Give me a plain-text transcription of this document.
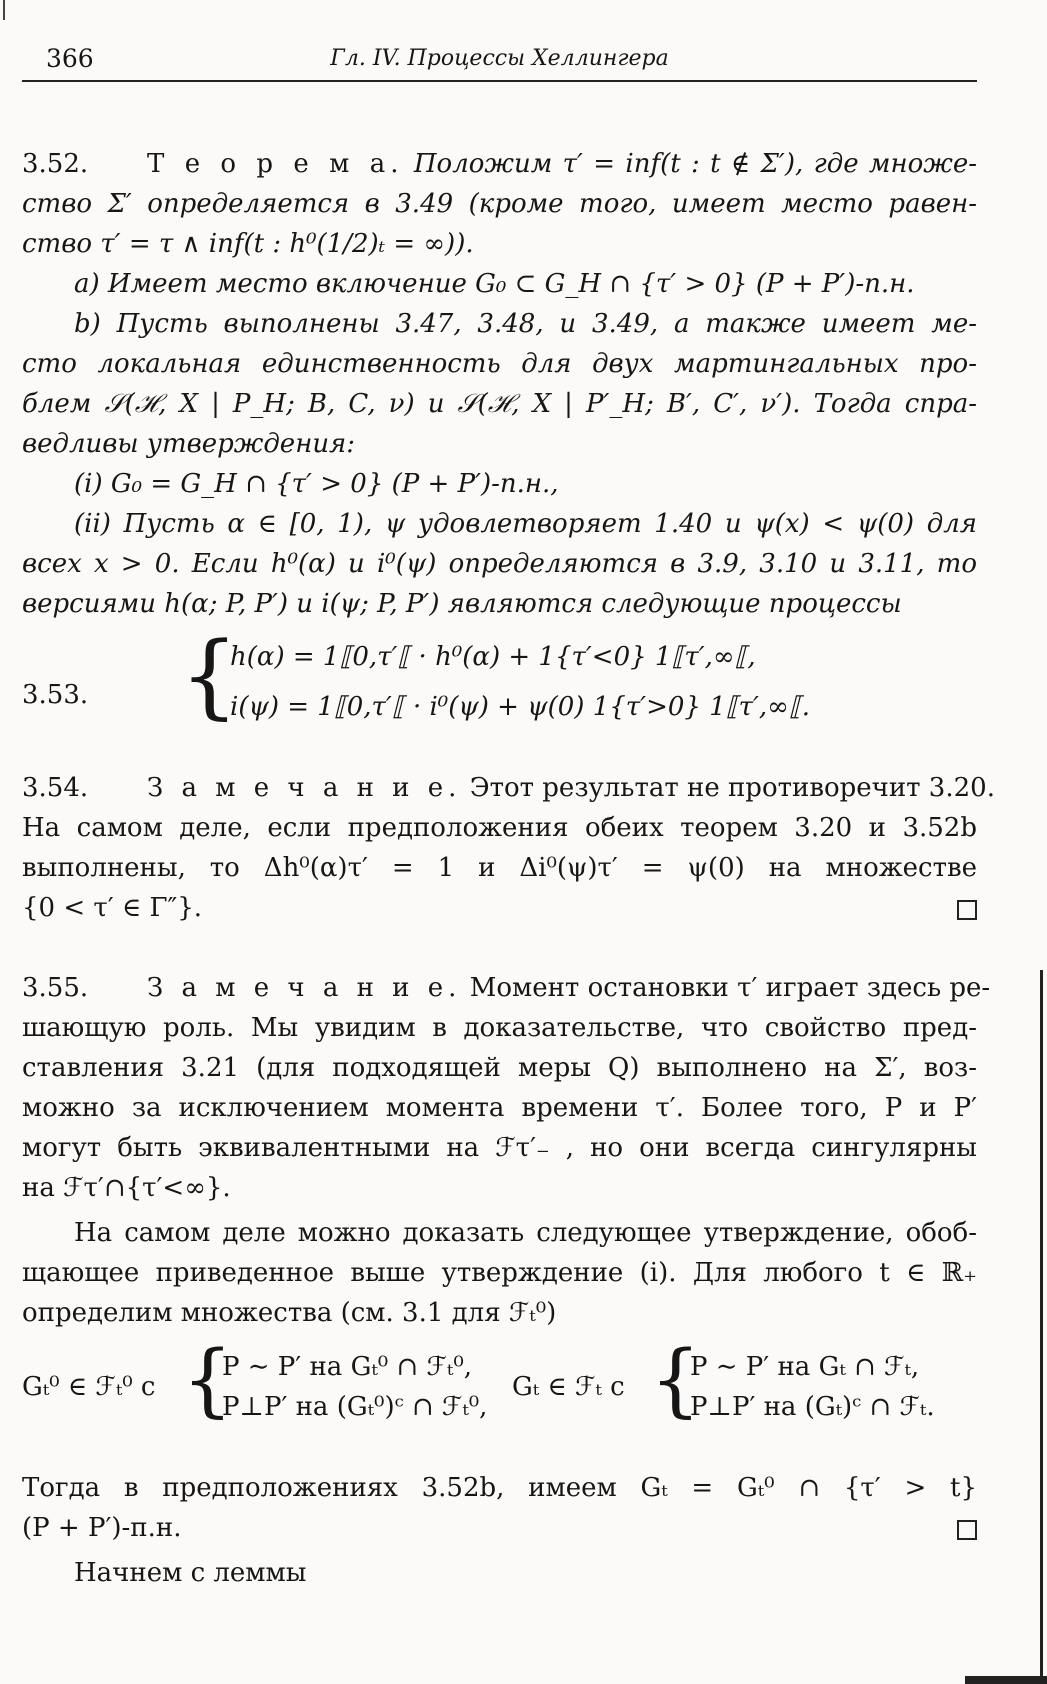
366	Гл. IV. Процессы Хеллингера
3.52. Т е о р е м а. Положим τ′ = inf(t : t ∉ Σ′), где множе-
ство Σ′ определяется в 3.49 (кроме того, имеет место равен-
ство τ′ = τ ∧ inf(t : h⁰(1/2)ₜ = ∞)).
a) Имеет место включение G₀ ⊂ G_H ∩ {τ′ > 0} (P + P′)-п.н.
b) Пусть выполнены 3.47, 3.48, и 3.49, а также имеет ме-
сто локальная единственность для двух мартингальных про-
блем 𝒮(ℋ, X | P_H; B, C, ν) и 𝒮(ℋ, X | P′_H; B′, C′, ν′). Тогда спра-
ведливы утверждения:
(i) G₀ = G_H ∩ {τ′ > 0} (P + P′)-п.н.,
(ii) Пусть α ∈ [0, 1), ψ удовлетворяет 1.40 и ψ(x) < ψ(0) для
всех x > 0. Если h⁰(α) и i⁰(ψ) определяются в 3.9, 3.10 и 3.11, то
версиями h(α; P, P′) и i(ψ; P, P′) являются следующие процессы
3.53. {
h(α) = 1⟦0,τ′⟦ · h⁰(α) + 1{τ′<0} 1⟦τ′,∞⟦,
i(ψ) = 1⟦0,τ′⟦ · i⁰(ψ) + ψ(0) 1{τ′>0} 1⟦τ′,∞⟦.
3.54. З а м е ч а н и е. Этот результат не противоречит 3.20.
На самом деле, если предположения обеих теорем 3.20 и 3.52b
выполнены, то Δh⁰(α)τ′ = 1 и Δi⁰(ψ)τ′ = ψ(0) на множестве
{0 < τ′ ∈ Γ″}.
3.55. З а м е ч а н и е. Момент остановки τ′ играет здесь ре-
шающую роль. Мы увидим в доказательстве, что свойство пред-
ставления 3.21 (для подходящей меры Q) выполнено на Σ′, воз-
можно за исключением момента времени τ′. Более того, P и P′
могут быть эквивалентными на ℱτ′₋ , но они всегда сингулярны
на ℱτ′∩{τ′<∞}.
На самом деле можно доказать следующее утверждение, обоб-
щающее приведенное выше утверждение (i). Для любого t ∈ ℝ₊
определим множества (см. 3.1 для ℱₜ⁰)
Gₜ⁰ ∈ ℱₜ⁰ с {
P ∼ P′ на Gₜ⁰ ∩ ℱₜ⁰,
P⊥P′ на (Gₜ⁰)ᶜ ∩ ℱₜ⁰,
Gₜ ∈ ℱₜ с {
P ∼ P′ на Gₜ ∩ ℱₜ,
P⊥P′ на (Gₜ)ᶜ ∩ ℱₜ.
Тогда в предположениях 3.52b, имеем Gₜ = Gₜ⁰ ∩ {τ′ > t}
(P + P′)-п.н.
Начнем с леммы
